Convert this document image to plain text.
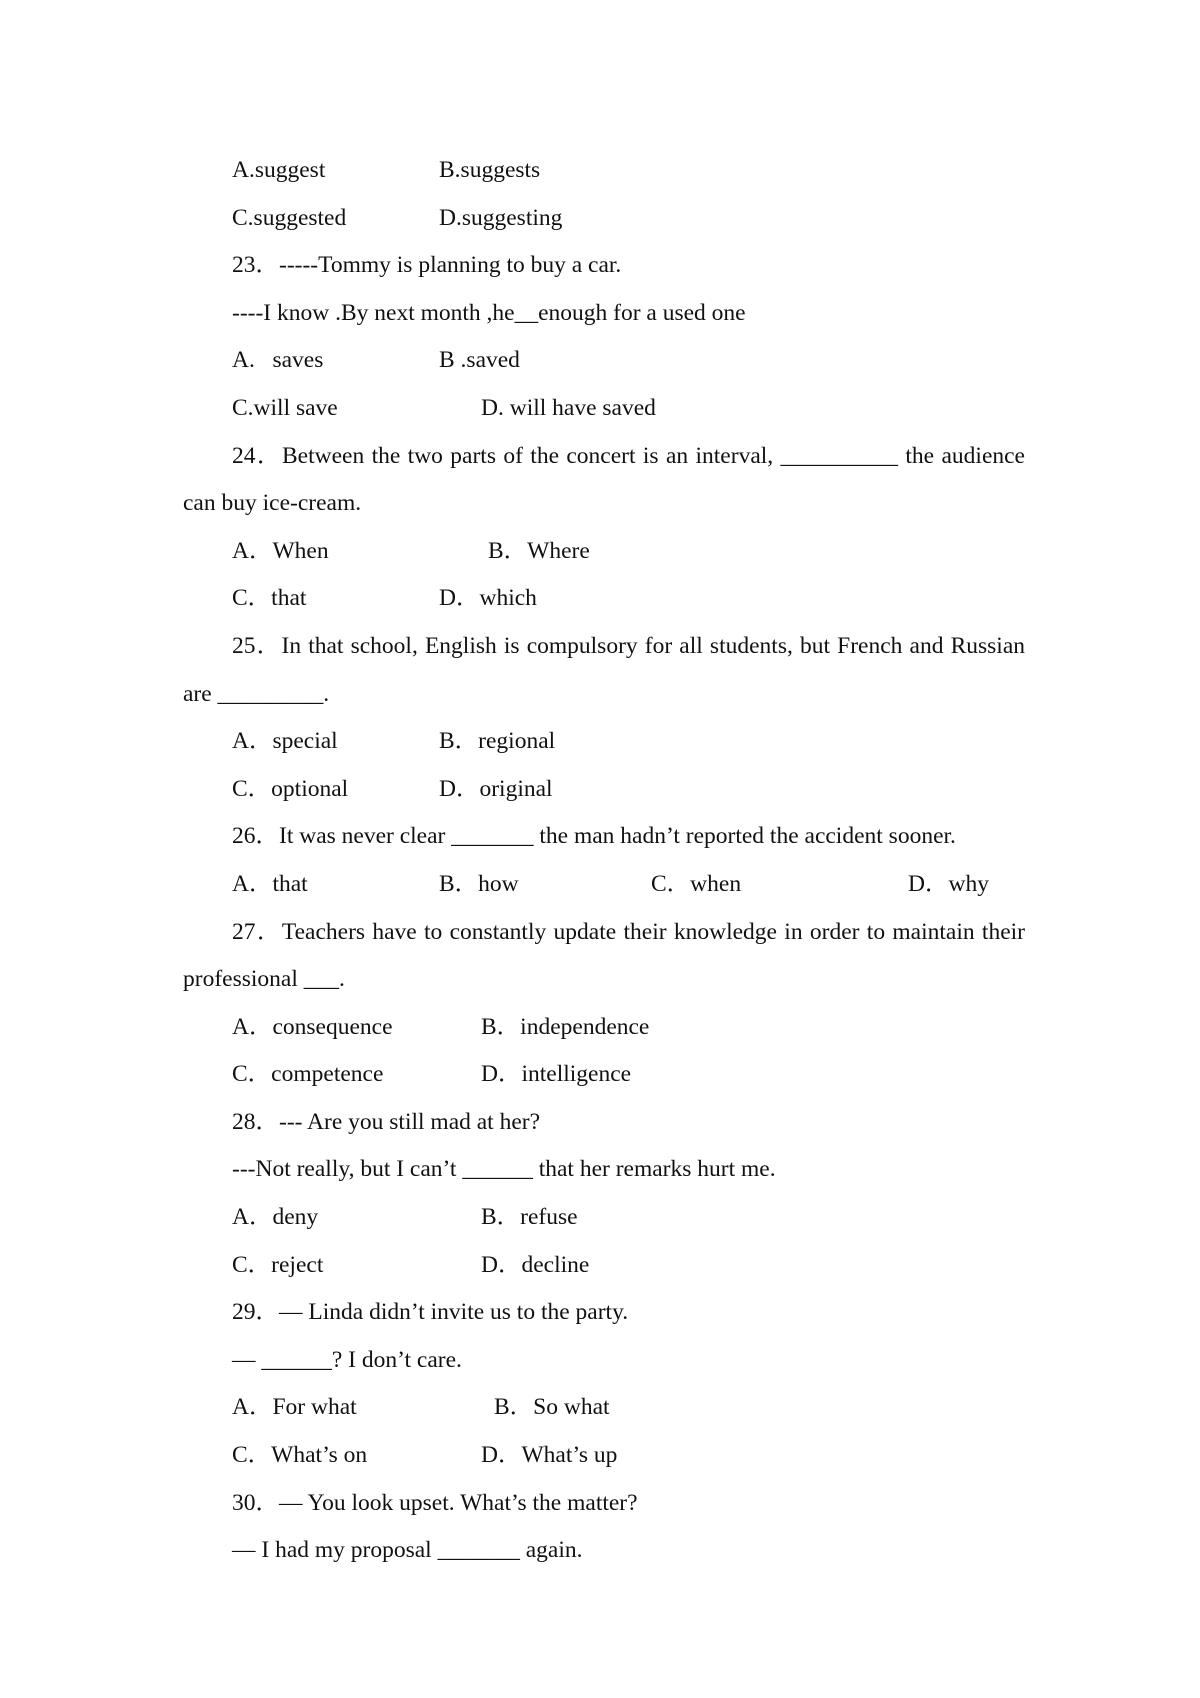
A.suggest	B.suggests
C.suggested	D.suggesting
23．-----Tommy is planning to buy a car.
----I know .By next month ,he__enough for a used one
A.   saves	B .saved
C.will save	D. will have saved
24．Between the two parts of the concert is an interval, __________ the audience
can buy ice-cream.
A．When	B．Where
C．that	D．which
25．In that school, English is compulsory for all students, but French and Russian
are _________.
A．special	B．regional
C．optional	D．original
26．It was never clear _______ the man hadn’t reported the accident sooner.
A．that	B．how	C．when	D．why
27．Teachers have to constantly update their knowledge in order to maintain their
professional ___.
A．consequence	B．independence
C．competence	D．intelligence
28．--- Are you still mad at her?
---Not really, but I can’t ______ that her remarks hurt me.
A．deny	B．refuse
C．reject	D．decline
29．— Linda didn’t invite us to the party.
— ______? I don’t care.
A．For what	B．So what
C．What’s on	D．What’s up
30．— You look upset. What’s the matter?
— I had my proposal _______ again.
